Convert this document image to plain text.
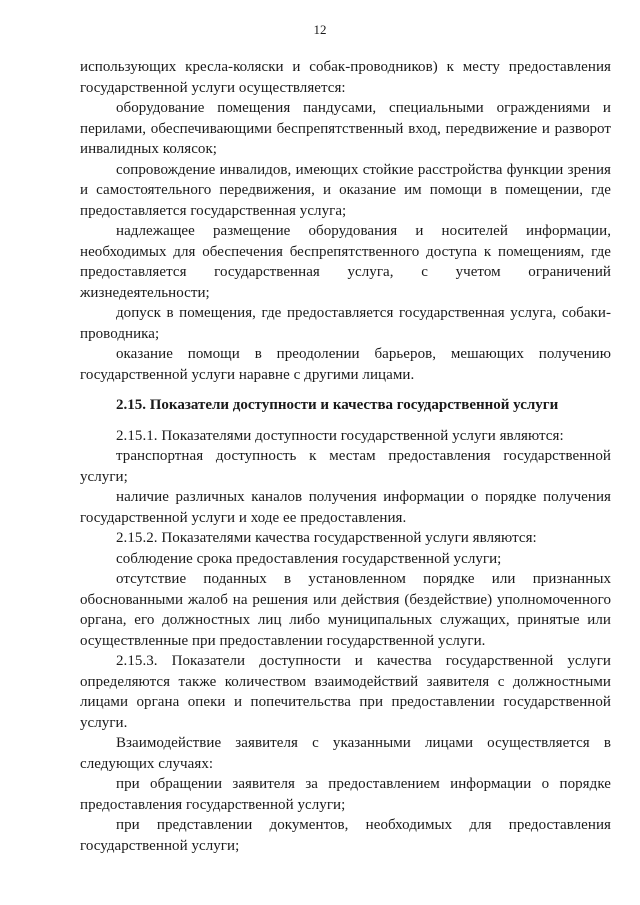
12

использующих кресла-коляски и собак-проводников) к месту предоставления государственной услуги осуществляется:

оборудование помещения пандусами, специальными ограждениями и перилами, обеспечивающими беспрепятственный вход, передвижение и разворот инвалидных колясок;

сопровождение инвалидов, имеющих стойкие расстройства функции зрения и самостоятельного передвижения, и оказание им помощи в помещении, где предоставляется государственная услуга;

надлежащее размещение оборудования и носителей информации, необходимых для обеспечения беспрепятственного доступа к помещениям, где предоставляется государственная услуга, с учетом ограничений жизнедеятельности;

допуск в помещения, где предоставляется государственная услуга, собаки-проводника;

оказание помощи в преодолении барьеров, мешающих получению государственной услуги наравне с другими лицами.

2.15. Показатели доступности и качества государственной услуги

2.15.1. Показателями доступности государственной услуги являются:

транспортная доступность к местам предоставления государственной услуги;

наличие различных каналов получения информации о порядке получения государственной услуги и ходе ее предоставления.

2.15.2. Показателями качества государственной услуги являются:

соблюдение срока предоставления государственной услуги;

отсутствие поданных в установленном порядке или признанных обоснованными жалоб на решения или действия (бездействие) уполномоченного органа, его должностных лиц либо муниципальных служащих, принятые или осуществленные при предоставлении государственной услуги.

2.15.3. Показатели доступности и качества государственной услуги определяются также количеством взаимодействий заявителя с должностными лицами органа опеки и попечительства при предоставлении государственной услуги.

Взаимодействие заявителя с указанными лицами осуществляется в следующих случаях:

при обращении заявителя за предоставлением информации о порядке предоставления государственной услуги;

при представлении документов, необходимых для предоставления государственной услуги;
